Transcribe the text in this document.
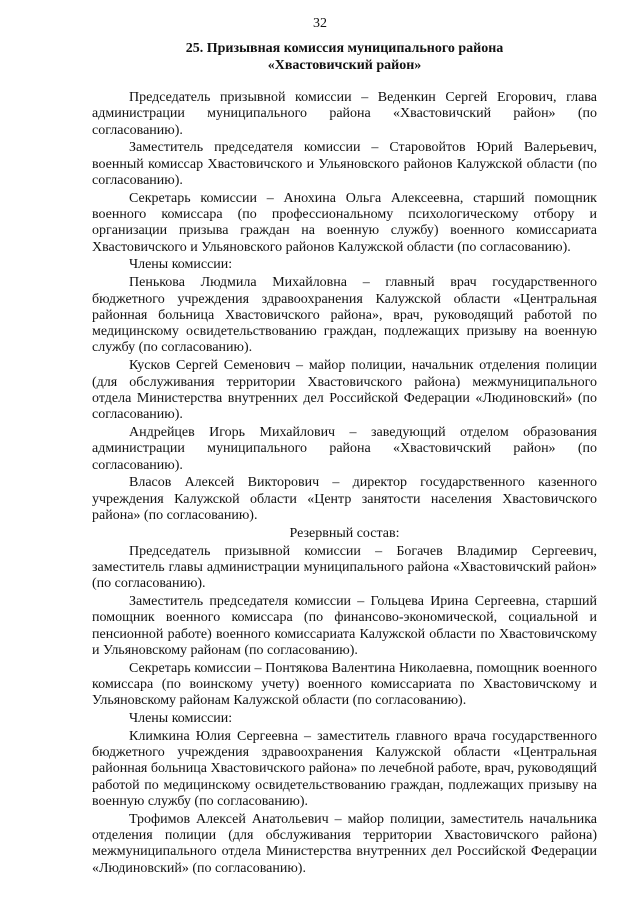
32
25. Призывная комиссия муниципального района
«Хвастовичский район»

Председатель призывной комиссии – Веденкин Сергей Егорович, глава администрации муниципального района «Хвастовичский район» (по согласованию).

Заместитель председателя комиссии – Старовойтов Юрий Валерьевич, военный комиссар Хвастовичского и Ульяновского районов Калужской области (по согласованию).

Секретарь комиссии – Анохина Ольга Алексеевна, старший помощник военного комиссара (по профессиональному психологическому отбору и организации призыва граждан на военную службу) военного комиссариата Хвастовичского и Ульяновского районов Калужской области (по согласованию).

Члены комиссии:

Пенькова Людмила Михайловна – главный врач государственного бюджетного учреждения здравоохранения Калужской области «Центральная районная больница Хвастовичского района», врач, руководящий работой по медицинскому освидетельствованию граждан, подлежащих призыву на военную службу (по согласованию).

Кусков Сергей Семенович – майор полиции, начальник отделения полиции (для обслуживания территории Хвастовичского района) межмуниципального отдела Министерства внутренних дел Российской Федерации «Людиновский» (по согласованию).

Андрейцев Игорь Михайлович – заведующий отделом образования администрации муниципального района «Хвастовичский район» (по согласованию).

Власов Алексей Викторович – директор государственного казенного учреждения Калужской области «Центр занятости населения Хвастовичского района» (по согласованию).

Резервный состав:

Председатель призывной комиссии – Богачев Владимир Сергеевич, заместитель главы администрации муниципального района «Хвастовичский район» (по согласованию).

Заместитель председателя комиссии – Гольцева Ирина Сергеевна, старший помощник военного комиссара (по финансово-экономической, социальной и пенсионной работе) военного комиссариата Калужской области по Хвастовичскому и Ульяновскому районам (по согласованию).

Секретарь комиссии – Понтякова Валентина Николаевна, помощник военного комиссара (по воинскому учету) военного комиссариата по Хвастовичскому и Ульяновскому районам Калужской области (по согласованию).

Члены комиссии:

Климкина Юлия Сергеевна – заместитель главного врача государственного бюджетного учреждения здравоохранения Калужской области «Центральная районная больница Хвастовичского района» по лечебной работе, врач, руководящий работой по медицинскому освидетельствованию граждан, подлежащих призыву на военную службу (по согласованию).

Трофимов Алексей Анатольевич – майор полиции, заместитель начальника отделения полиции (для обслуживания территории Хвастовичского района) межмуниципального отдела Министерства внутренних дел Российской Федерации «Людиновский» (по согласованию).
